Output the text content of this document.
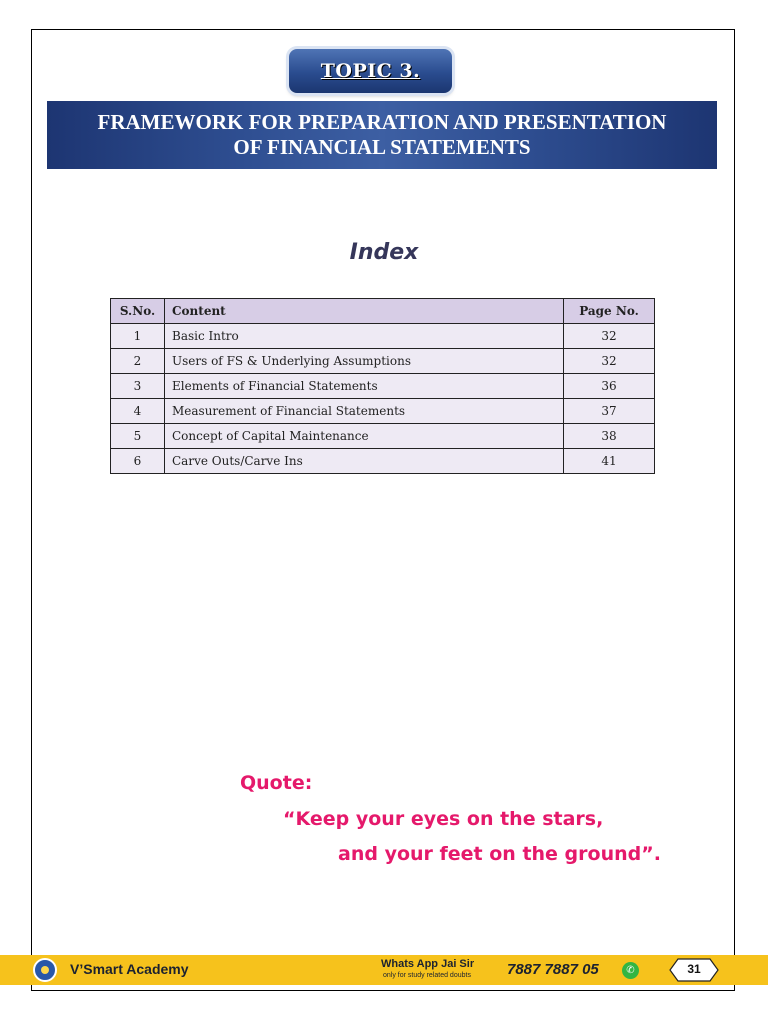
TOPIC 3.
FRAMEWORK FOR PREPARATION AND PRESENTATION
OF FINANCIAL STATEMENTS
Index
S.No.	Content	Page No.
1	Basic Intro	32
2	Users of FS & Underlying Assumptions	32
3	Elements of Financial Statements	36
4	Measurement of Financial Statements	37
5	Concept of Capital Maintenance	38
6	Carve Outs/Carve Ins	41
Quote:
“Keep your eyes on the stars,
and your feet on the ground”.
V’Smart Academy	Whats App Jai Sir
only for study related doubts 7887 7887 05	✆	31
